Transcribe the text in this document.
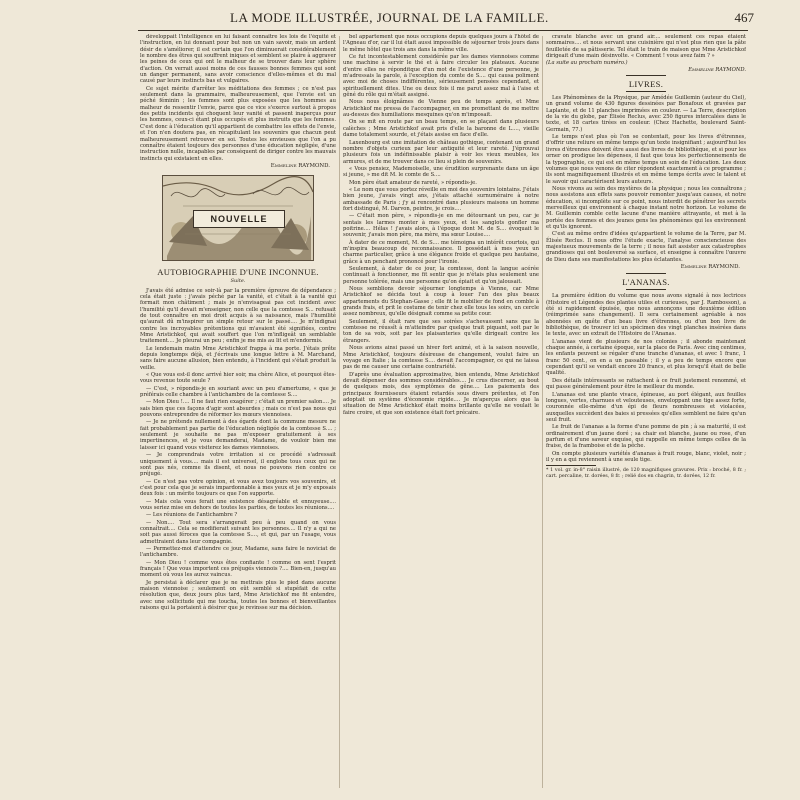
LA MODE ILLUSTRÉE, JOURNAL DE LA FAMILLE.	467

développait l'intelligence en lui faisant connaître les lois de l'équité et l'instruction, en lui donnant pour but non un vain savoir, mais un ardent désir de s'améliorer, il est certain que l'on diminuerait considérablement le nombre des êtres qui souffrent iniques et semblent se plaire à aggraver les peines de ceux qui ont le malheur de se trouver dans leur sphère d'action. On verrait aussi moins de ces fausses bonnes femmes qui sont un danger permanent, sans avoir conscience d'elles-mêmes et du mal causé par leurs instincts bas et vulgaires.

Ce sujet mérite d'arrêter les méditations des femmes ; ce n'est pas seulement dans la grammaire, malheureusement, que l'envie est un péché féminin ; les femmes sont plus exposées que les hommes au malheur de ressentir l'envie, parce que ce vice s'exerce surtout à propos des petits incidents qui choquent leur vanité et passent inaperçus pour les hommes, ceux-ci étant plus occupés et plus instruits que les femmes. C'est donc à l'éducation qu'il appartient de combattre les effets de l'envie, et l'on n'en doutera pas, en récapitulant les souvenirs que chacun peut malheureusement retrouver en soi. Toutes les envieuses que l'on a pu connaître étaient toujours des personnes d'une éducation négligée, d'une instruction nulle, incapables par conséquent de diriger contre les mauvais instincts qui existaient en elles.

Emmeline RAYMOND.
NOUVELLE
AUTOBIOGRAPHIE D'UNE INCONNUE.
Suite.

J'avais été admise ce soir-là par la première épreuve de dépendance ; cela était juste : j'avais péché par la vanité, et c'était à la vanité qui formait mon châtiment ; mais je n'envisageai pas cet incident avec l'humilité qu'il devait m'enseigner, non celle que la comtesse S... refusait de tout connaître en moi droit acquis à sa naissance, mais l'humilité qu'aurait dû m'inspirer un simple retour sur le passé.... Je m'indignai contre les incroyables prétentions qui m'avaient été signifiées, contre Mme Aristichkof, qui avait souffert que l'on m'infligeât un semblable traitement.... Je pleurai un peu ; enfin je me mis au lit et m'endormis.

Le lendemain matin Mme Aristichkof frappa à ma porte. J'étais prête depuis longtemps déjà, et j'écrivais une longue lettre à M. Marchand, sans faire aucune allusion, bien entendu, à l'incident qui s'était produit la veille.

« Que vous est-il donc arrivé hier soir, ma chère Alice, et pourquoi êtes-vous revenue toute seule ?

— C'est, » répondis-je en souriant avec un peu d'amertume, « que je préférais celle chambre à l'antichambre de la comtesse S....

— Mon Dieu !.... Il ne faut rien exagérer ; c'était un premier salon.... Je sais bien que ces façons d'agir sont absurdes ; mais ce n'est pas nous qui pouvons entreprendre de réformer les mœurs viennoises.

— Je ne prétends nullement à des égards dont la commune mesure ne fait probablement pas partie de l'éducation négligée de la comtesse S.... ; seulement je souhaite ne pas m'exposer gratuitement à ses impertinences, et je vous demanderai, Madame, de vouloir bien me laisser ici quand vous visiterez les dames viennoises.

— Je comprendrais votre irritation si ce procédé s'adressait uniquement à vous.... mais il est universel, il englobe tous ceux qui ne sont pas nés, comme ils disent, et nous ne pouvons rien contre ce préjugé.

— Ce n'est pas votre opinion, et vous avez toujours vos souvenirs, et c'est pour cela que je serais impardonnable à mes yeux et je m'y exposais deux fois : un mérite toujours ce que l'on supporte.

— Mais cela vous ferait une existence désagréable et ennuyeuse.... vous seriez mise en dehors de toutes les parties, de toutes les réunions....

— Les réunions de l'antichambre ?

— Non.... Tout sera s'arrangerait peu à peu quand on vous connaîtrait.... Cela se modifierait suivant les personnes.... Il n'y a qui ne soit pas aussi féroces que la comtesse S...., et qui, par un l'usage, vous admettraient dans leur compagnie.

— Permettez-moi d'attendre ce jour, Madame, sans faire le noviciat de l'antichambre.

— Mon Dieu ! comme vous êtes confiante ! comme on sent l'esprit français ! Que vous importent ces préjugés viennois ?.... Bien-en, jusqu'au moment où vous les aurez vaincus.

Je persistai à déclarer que je ne mettrais plus le pied dans aucune maison viennoise ; seulement on eût semblé si stupéfait de cette résolution que, deux jours plus tard, Mme Aristichkof me fit entendre, avec une sollicitude qui me toucha, toutes les bonnes et bienveillantes raisons qui la portaient à désirer que je revinsse sur ma décision.

bel appartement que nous occupions depuis quelques jours à l'hôtel de l'Agneau d'or, car il lui était aussi impossible de séjourner trois jours dans le même hôtel que trois ans dans la même ville.

Ce fut incontestablement considérée par les dames viennoises comme une machine à servir le thé et à faire circuler les plateaux. Aucune d'entre elles ne réponditque d'un mot de l'existence d'une personne, je m'adressais la parole, à l'exception du comte de S.... qui causa poliment avec moi de choses indifférentes, sérieusement pensées cependant, et spirituellement dites. Une ou deux fois il me parut assez mal à l'aise et gêné du rôle qui m'était assigné.

Nous nous éloignâmes de Vienne peu de temps après, et Mme Aristichkof me pressa de l'accompagner, en me promettant de me mettre au-dessus des humiliations mesquines qu'on m'imposait.

On se mit en route par un beau temps, en se plaçant dans plusieurs calèches ; Mme Aristichkof avait pris d'elle la baronne de L...., vieille dame totalement sourde, et j'étais assise en face d'elle.

Laxenbourg est une imitation de château gothique, contenant un grand nombre d'objets curieux par leur antiquité et leur rareté. J'éprouvai plusieurs fois un indéfinissable plaisir à voir les vieux meubles, les armures, et de me trouver dans ce lieu si plein de souvenirs.

« Vous pensiez, Mademoiselle, une érudition surprenante dans un âge si jeune, » me dit M. le comte de S....

Mon père était amateur de rareté, » répondis-je.

« Le nom que vous portez réveille en moi des souvenirs lointains. J'étais bien jeune, j'avais vingt ans, j'étais attaché surnuméraire à notre ambassade de Paris ; j'y ai rencontré dans plusieurs maisons un homme fort distingué, M. Darvon, peintre, je crois....

— C'était mon père, » répondis-je en me détournant un peu, car je sentais les larmes monter à mes yeux, et les sanglots gonfler ma poitrine.... Hélas ! j'avais alors, à l'époque dont M. de S.... évoquait le souvenir, j'avais mon père, ma mère, ma sœur Louise....

À dater de ce moment, M. de S.... me témoigna un intérêt courtois, qui m'inspira beaucoup de reconnaissance. Il possédait à mes yeux un charme particulier, grâce à une élégance froide et quelque peu hautaine, grâce à un penchant prononcé pour l'ironie.

Seulement, à dater de ce jour, la comtesse, dont la langue acérée continuait à fonctionner, me fit sentir que je n'étais plus seulement une personne tolérée, mais une personne qu'on épiait et qu'on jalousait.

Nous semblions devoir séjourner longtemps à Vienne, car Mme Aristichkof se décida tout à coup à louer l'un des plus beaux appartements du Stephan-Gasse ; elle fit le mobilier de fond en comble à grands frais, et prit le costume de tenir chez elle tous les soirs, un cercle assez nombreux, qu'elle désignait comme sa petite cour.

Seulement, il était rare que ses soirées s'achevassent sans que la comtesse ne réussît à m'atteindre par quelque trait piquant, soit par le ton de sa voix, soit par les plaisanteries qu'elle dirigeait contre les étrangers.

Nous avions ainsi passé un hiver fort animé, et à la saison nouvelle, Mme Aristichkof, toujours désireuse de changement, voulut faire un voyage en Italie ; la comtesse S.... devait l'accompagner, ce qui ne laissa pas de me causer une certaine contrariété.

D'après une évaluation approximative, bien entendu, Mme Aristichkof devait dépenser des sommes considérables.... Je crus discerner, au bout de quelques mois, des symptômes de gêne.... Les paiements des principaux fournisseurs étaient retardés sous divers prétextes, et l'on adoptait un système d'économie rigide.... Je m'aperçus alors que la situation de Mme Aristichkof était moins brillante qu'elle ne voulait le faire croire, et que son existence était fort précaire.

cravate blanche avec un grand air.... seulement ces repas étaient sommaires.... et nous servant une cuisinière qui n'est plus rien que la pâte feuilletée de sa pâtisserie. Tel était le train de maison que Mme Aristichkof dirigeait d'une main désinvolte. « Comment ! vous avez faim ? »

(La suite au prochain numéro.)
Emmeline RAYMOND.

LIVRES.

Les Phénomènes de la Physique, par Amédée Guillemin (auteur du Ciel), un grand volume de 430 figures dessinées par Bonafoux et gravées par Laplante, et de 11 planches imprimées en couleur. — La Terre, description de la vie du globe, par Élisée Reclus, avec 250 figures intercalées dans le texte, et 18 cartes tirées en couleur. (Chez Hachette, boulevard Saint-Germain, 77.)

Le temps n'est plus où l'on se contentait, pour les livres d'étrennes, d'offrir une reliure en même temps qu'un texte insignifiant ; aujourd'hui les livres d'étrennes doivent être aussi des livres de bibliothèque, et si pour les orner on prodigue les dépenses, il faut que tous les perfectionnements de la typographie, ce qui est en même temps un soin de l'éducation. Les deux volumes que nous venons de citer répondent exactement à ce programme ; ils sont magnifiquement illustrés et en même temps écrits avec le talent et le savoir qui caractérisent leurs auteurs.

Nous vivons au sein des mystères de la physique ; nous les connaîtrons ; nous assistons aux effets sans pouvoir remonter jusqu'aux causes, et notre éducation, si incomplète sur ce point, nous interdit de pénétrer les secrets merveilleux qui environnent à chaque instant notre horizon. Le volume de M. Guillemin comble cette lacune d'une manière attrayante, et met à la portée des femmes et des jeunes gens les phénomènes qui les environnent et qu'ils ignorent.

C'est au même ordre d'idées qu'appartient le volume de la Terre, par M. Élisée Reclus. Il nous offre l'étude exacte, l'analyse consciencieuse des majestueux mouvements de la terre ; il nous fait assister aux catastrophes grandioses qui ont bouleversé sa surface, et enseigne à connaître l'œuvre de Dieu dans ses manifestations les plus éclatantes.

Emmeline RAYMOND.
L'ANANAS.

La première édition du volume que nous avons signalé à nos lectrices (Histoire et Légendes des plantes utiles et curieuses, par J. Rambosson), a été si rapidement épuisée, que nous annonçons une deuxième édition (réimprimée sans changement). Il sera certainement agréable à nos abonnées en quête d'un beau livre d'étrennes, ou d'un bon livre de bibliothèque, de trouver ici un spécimen des vingt planches insérées dans le texte, avec un extrait de l'Histoire de l'Ananas.

L'ananas vient de plusieurs de nos colonies ; il abonde maintenant chaque année, à certaine époque, sur la place de Paris. Avec cinq centimes, les enfants peuvent se régaler d'une tranche d'ananas, et avec 1 franc, 1 franc 50 cent., on en a un passable ; il y a peu de temps encore que cependant qu'il se vendait encore 20 francs, et plus lorsqu'il était de belle qualité.

Des détails intéressants se rattachent à ce fruit justement renommé, et qui passe généralement pour être le meilleur du monde.

L'ananas est une plante vivace, épineuse, au port élégant, aux feuilles longues, vertes, charnues et velouteuses, enveloppant une tige assez forte, couronnée elle-même d'un épi de fleurs nombreuses et violacées, auxquelles succèdent des baies si pressées qu'elles semblent ne faire qu'un seul fruit.

Le fruit de l'ananas a la forme d'une pomme de pin ; à sa maturité, il est ordinairement d'un jaune doré ; sa chair est blanche, jaune ou rose, d'un parfum et d'une saveur exquise, qui rappelle en même temps celles de la fraise, de la framboise et de la pêche.

On compte plusieurs variétés d'ananas à fruit rouge, blanc, violet, noir ; il y en a qui reviennent à une seule tige.

* 1 vol. gr. in-8° raisin illustré, de 120 magnifiques gravures. Prix : broché, 8 fr. ; cart. percaline, tr. dorées, 8 fr. ; relié dos en chagrin, tr. dorées, 12 fr.
